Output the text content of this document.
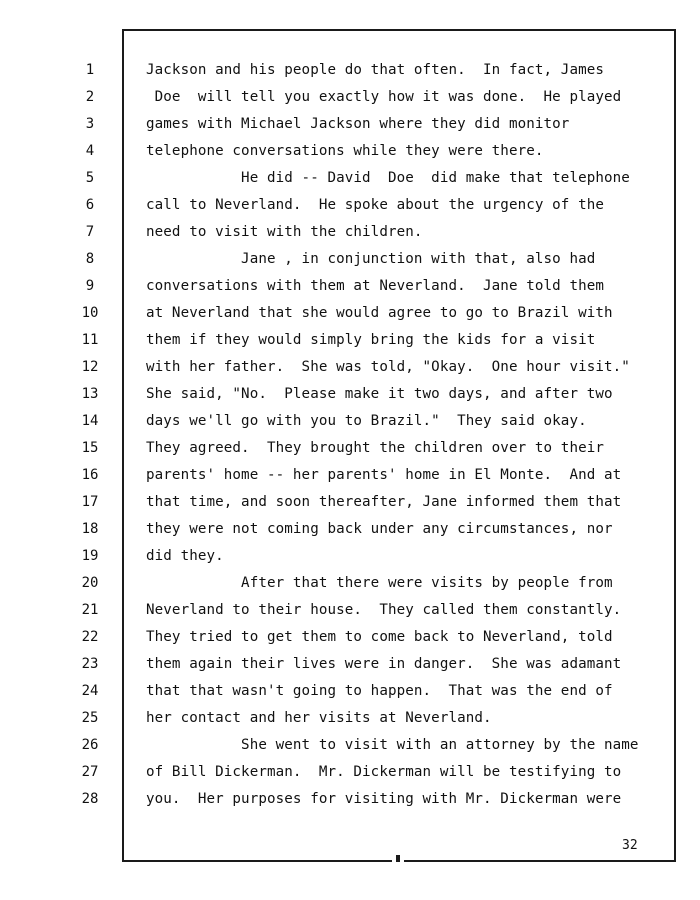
1
2
3
4
5
6
7
8
9
10
11
12
13
14
15
16
17
18
19
20
21
22
23
24
25
26
27
28
Jackson and his people do that often.  In fact, James
Doe  will tell you exactly how it was done.  He played
games with Michael Jackson where they did monitor
telephone conversations while they were there.
He did -- David  Doe  did make that telephone
call to Neverland.  He spoke about the urgency of the
need to visit with the children.
Jane , in conjunction with that, also had
conversations with them at Neverland.  Jane told them
at Neverland that she would agree to go to Brazil with
them if they would simply bring the kids for a visit
with her father.  She was told, "Okay.  One hour visit."
She said, "No.  Please make it two days, and after two
days we'll go with you to Brazil."  They said okay.
They agreed.  They brought the children over to their
parents' home -- her parents' home in El Monte.  And at
that time, and soon thereafter, Jane informed them that
they were not coming back under any circumstances, nor
did they.
After that there were visits by people from
Neverland to their house.  They called them constantly.
They tried to get them to come back to Neverland, told
them again their lives were in danger.  She was adamant
that that wasn't going to happen.  That was the end of
her contact and her visits at Neverland.
She went to visit with an attorney by the name
of Bill Dickerman.  Mr. Dickerman will be testifying to
you.  Her purposes for visiting with Mr. Dickerman were
32
